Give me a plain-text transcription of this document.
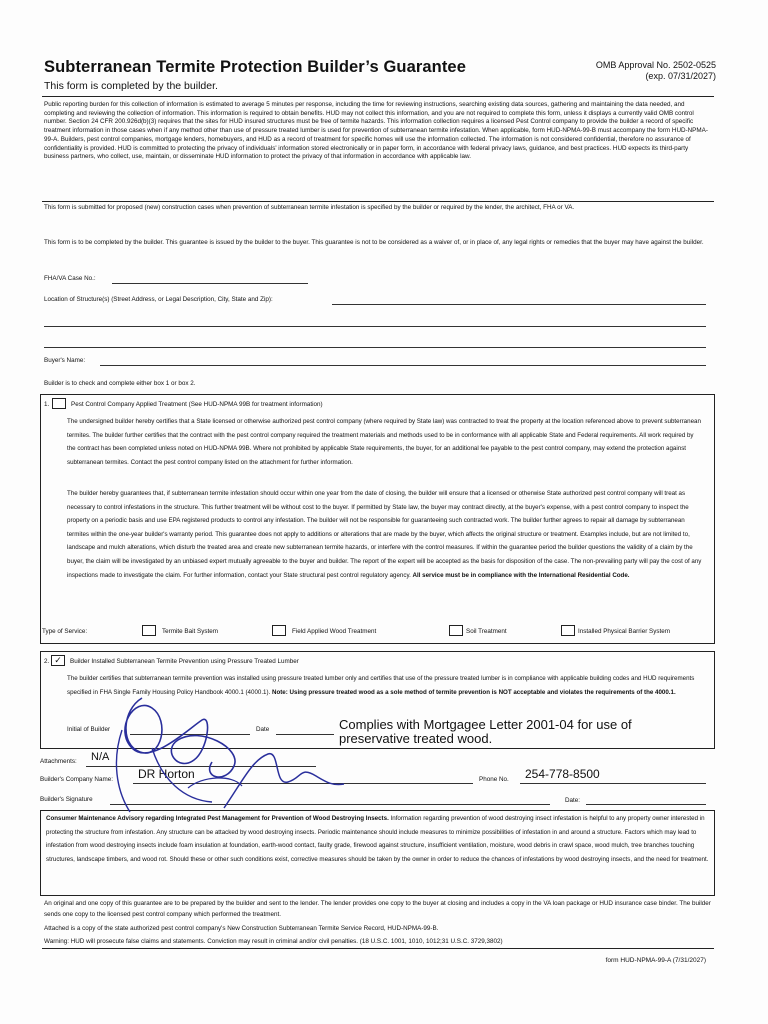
Subterranean Termite Protection Builder’s Guarantee
This form is completed by the builder.
OMB Approval No. 2502-0525
(exp. 07/31/2027)
Public reporting burden for this collection of information is estimated to average 5 minutes per response, including the time for reviewing instructions, searching existing data sources, gathering and maintaining the data needed, and completing and reviewing the collection of information. This information is required to obtain benefits. HUD may not collect this information, and you are not required to complete this form, unless it displays a currently valid OMB control number. Section 24 CFR 200.926d(b)(3) requires that the sites for HUD insured structures must be free of termite hazards. This information collection requires a licensed Pest Control company to provide the builder a record of specific treatment information in those cases when if any method other than use of pressure treated lumber is used for prevention of subterranean termite infestation. When applicable, form HUD-NPMA-99-B must accompany the form HUD-NPMA-99-A. Builders, pest control companies, mortgage lenders, homebuyers, and HUD as a record of treatment for specific homes will use the information collected. The information is not considered confidential, therefore no assurance of confidentiality is provided. HUD is committed to protecting the privacy of individuals' information stored electronically or in paper form, in accordance with federal privacy laws, guidance, and best practices. HUD expects its third-party business partners, who collect, use, maintain, or disseminate HUD information to protect the privacy of that information in accordance with applicable law.
This form is submitted for proposed (new) construction cases when prevention of subterranean termite infestation is specified by the builder or required by the lender, the architect, FHA or VA.
This form is to be completed by the builder. This guarantee is issued by the builder to the buyer. This guarantee is not to be considered as a waiver of, or in place of, any legal rights or remedies that the buyer may have against the builder.
FHA/VA Case No.:
Location of Structure(s) (Street Address, or Legal Description, City, State and Zip):
Buyer's Name:
Builder is to check and complete either box 1 or box 2.
1.	Pest Control Company Applied Treatment (See HUD-NPMA 99B for treatment information)
The undersigned builder hereby certifies that a State licensed or otherwise authorized pest control company (where required by State law) was contracted to treat the property at the location referenced above to prevent subterranean termites. The builder further certifies that the contract with the pest control company required the treatment materials and methods used to be in conformance with all applicable State and Federal requirements. All work required by the contract has been completed unless noted on HUD-NPMA 99B. Where not prohibited by applicable State requirements, the buyer, for an additional fee payable to the pest control company, may extend the protection against subterranean termites. Contact the pest control company listed on the attachment for further information.
The builder hereby guarantees that, if subterranean termite infestation should occur within one year from the date of closing, the builder will ensure that a licensed or otherwise State authorized pest control company will treat as necessary to control infestations in the structure. This further treatment will be without cost to the buyer. If permitted by State law, the buyer may contract directly, at the buyer's expense, with a pest control company to inspect the property on a periodic basis and use EPA registered products to control any infestation. The builder will not be responsible for guaranteeing such contracted work. The builder further agrees to repair all damage by subterranean termites within the one-year builder's warranty period. This guarantee does not apply to additions or alterations that are made by the buyer, which affects the original structure or treatment. Examples include, but are not limited to, landscape and mulch alterations, which disturb the treated area and create new subterranean termite hazards, or interfere with the control measures. If within the guarantee period the builder questions the validity of a claim by the buyer, the claim will be investigated by an unbiased expert mutually agreeable to the buyer and builder. The report of the expert will be accepted as the basis for disposition of the case. The non-prevailing party will pay the cost of any inspections made to investigate the claim. For further information, contact your State structural pest control regulatory agency. All service must be in compliance with the International Residential Code.
Type of Service:	Termite Bait System	Field Applied Wood Treatment	Soil Treatment	Installed Physical Barrier System
2. ✓	Builder Installed Subterranean Termite Prevention using Pressure Treated Lumber
The builder certifies that subterranean termite prevention was installed using pressure treated lumber only and certifies that use of the pressure treated lumber is in compliance with applicable building codes and HUD requirements specified in FHA Single Family Housing Policy Handbook 4000.1 (4000.1). Note: Using pressure treated wood as a sole method of termite prevention is NOT acceptable and violates the requirements of the 4000.1.
Initial of Builder	Date	Complies with Mortgagee Letter 2001-04 for use of preservative treated wood.
Attachments: N/A
Builder's Company Name: DR Horton	Phone No. 254-778-8500
Builder's Signature	Date:
Consumer Maintenance Advisory regarding Integrated Pest Management for Prevention of Wood Destroying Insects. Information regarding prevention of wood destroying insect infestation is helpful to any property owner interested in protecting the structure from infestation. Any structure can be attacked by wood destroying insects. Periodic maintenance should include measures to minimize possibilities of infestation in and around a structure. Factors which may lead to infestation from wood destroying insects include foam insulation at foundation, earth-wood contact, faulty grade, firewood against structure, insufficient ventilation, moisture, wood debris in crawl space, wood mulch, tree branches touching structures, landscape timbers, and wood rot. Should these or other such conditions exist, corrective measures should be taken by the owner in order to reduce the chances of infestations by wood destroying insects, and the need for treatment.
An original and one copy of this guarantee are to be prepared by the builder and sent to the lender. The lender provides one copy to the buyer at closing and includes a copy in the VA loan package or HUD insurance case binder. The builder sends one copy to the licensed pest control company which performed the treatment.
Attached is a copy of the state authorized pest control company's New Construction Subterranean Termite Service Record, HUD-NPMA-99-B.
Warning: HUD will prosecute false claims and statements. Conviction may result in criminal and/or civil penalties. (18 U.S.C. 1001, 1010, 1012;31 U.S.C. 3729,3802)
form HUD-NPMA-99-A (7/31/2027)
